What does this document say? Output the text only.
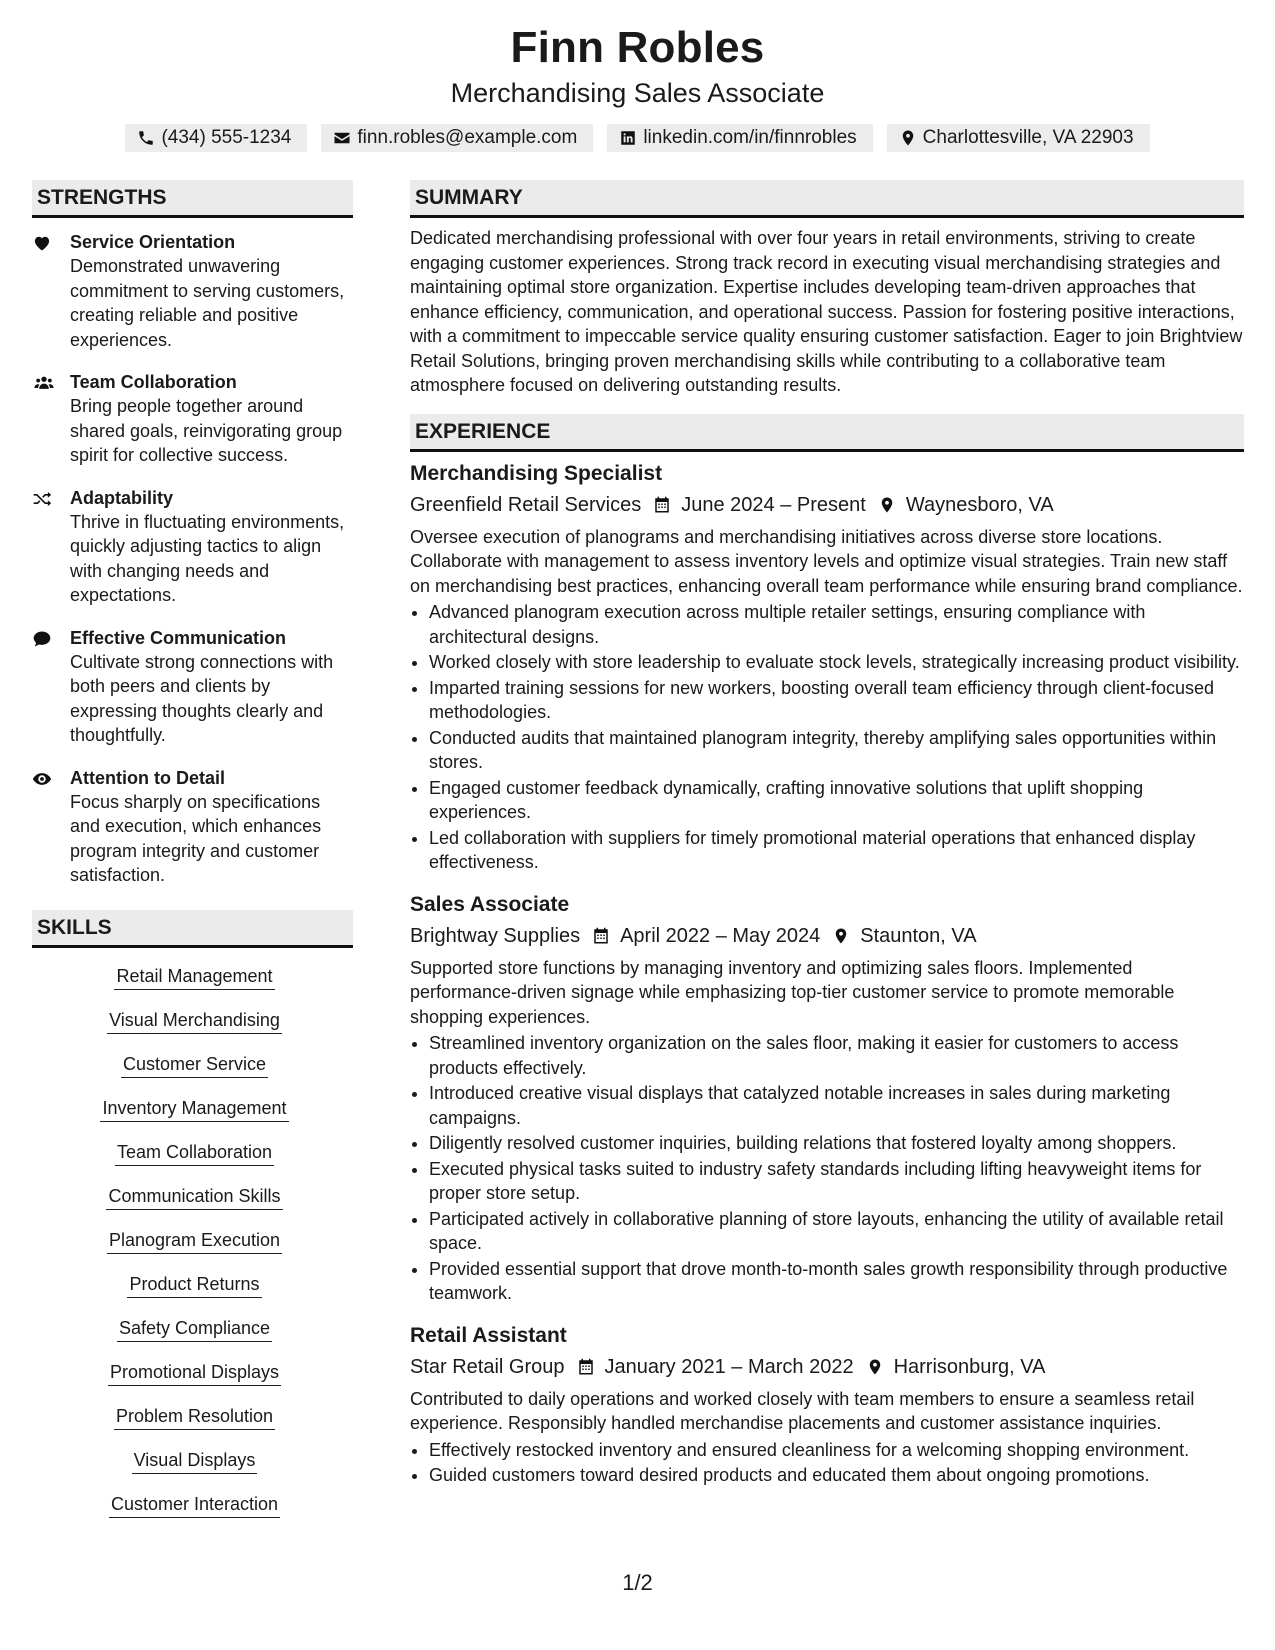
Finn Robles
Merchandising Sales Associate
(434) 555-1234	finn.robles@example.com	linkedin.com/in/finnrobles	Charlottesville, VA 22903
STRENGTHS
Service Orientation
Demonstrated unwavering commitment to serving customers, creating reliable and positive experiences.
Team Collaboration
Bring people together around shared goals, reinvigorating group spirit for collective success.
Adaptability
Thrive in fluctuating environments, quickly adjusting tactics to align with changing needs and expectations.
Effective Communication
Cultivate strong connections with both peers and clients by expressing thoughts clearly and thoughtfully.
Attention to Detail
Focus sharply on specifications and execution, which enhances program integrity and customer satisfaction.
SKILLS
Retail Management
Visual Merchandising
Customer Service
Inventory Management
Team Collaboration
Communication Skills
Planogram Execution
Product Returns
Safety Compliance
Promotional Displays
Problem Resolution
Visual Displays
Customer Interaction
SUMMARY
Dedicated merchandising professional with over four years in retail environments, striving to create engaging customer experiences. Strong track record in executing visual merchandising strategies and maintaining optimal store organization. Expertise includes developing team-driven approaches that enhance efficiency, communication, and operational success. Passion for fostering positive interactions, with a commitment to impeccable service quality ensuring customer satisfaction. Eager to join Brightview Retail Solutions, bringing proven merchandising skills while contributing to a collaborative team atmosphere focused on delivering outstanding results.
EXPERIENCE
Merchandising Specialist
Greenfield Retail Services June 2024 – Present Waynesboro, VA
Oversee execution of planograms and merchandising initiatives across diverse store locations. Collaborate with management to assess inventory levels and optimize visual strategies. Train new staff on merchandising best practices, enhancing overall team performance while ensuring brand compliance.
• Advanced planogram execution across multiple retailer settings, ensuring compliance with architectural designs.
• Worked closely with store leadership to evaluate stock levels, strategically increasing product visibility.
• Imparted training sessions for new workers, boosting overall team efficiency through client-focused methodologies.
• Conducted audits that maintained planogram integrity, thereby amplifying sales opportunities within stores.
• Engaged customer feedback dynamically, crafting innovative solutions that uplift shopping experiences.
• Led collaboration with suppliers for timely promotional material operations that enhanced display effectiveness.
Sales Associate
Brightway Supplies April 2022 – May 2024 Staunton, VA
Supported store functions by managing inventory and optimizing sales floors. Implemented performance-driven signage while emphasizing top-tier customer service to promote memorable shopping experiences.
• Streamlined inventory organization on the sales floor, making it easier for customers to access products effectively.
• Introduced creative visual displays that catalyzed notable increases in sales during marketing campaigns.
• Diligently resolved customer inquiries, building relations that fostered loyalty among shoppers.
• Executed physical tasks suited to industry safety standards including lifting heavyweight items for proper store setup.
• Participated actively in collaborative planning of store layouts, enhancing the utility of available retail space.
• Provided essential support that drove month-to-month sales growth responsibility through productive teamwork.
Retail Assistant
Star Retail Group January 2021 – March 2022 Harrisonburg, VA
Contributed to daily operations and worked closely with team members to ensure a seamless retail experience. Responsibly handled merchandise placements and customer assistance inquiries.
• Effectively restocked inventory and ensured cleanliness for a welcoming shopping environment.
• Guided customers toward desired products and educated them about ongoing promotions.
1/2
